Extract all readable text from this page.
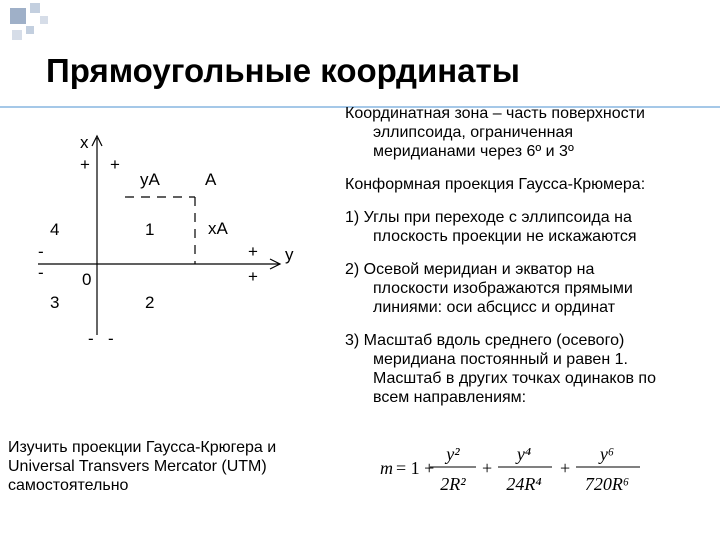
Прямоугольные координаты

Координатная зона – часть поверхности
эллипсоида, ограниченная
меридианами через 6º и 3º

Конформная проекция Гаусса-Крюмера:

1) Углы при переходе с эллипсоида на
плоскость проекции не искажаются

2) Осевой меридиан и экватор на
плоскости изображаются прямыми
линиями: оси абсцисс и ординат

3) Масштаб вдоль среднего (осевого)
меридиана постоянный и равен 1.
Масштаб в других точках одинаков по
всем направлениям:

x
+ +
yA	A
4	1	xA
-
-
+
+
y
3
0
2
- -
Изучить проекции Гаусса-Крюгера и
Universal Transvers Mercator (UTM)
самостоятельно
m = 1 +
y²
2R²
+
y⁴
24R⁴
+
y⁶
720R⁶
